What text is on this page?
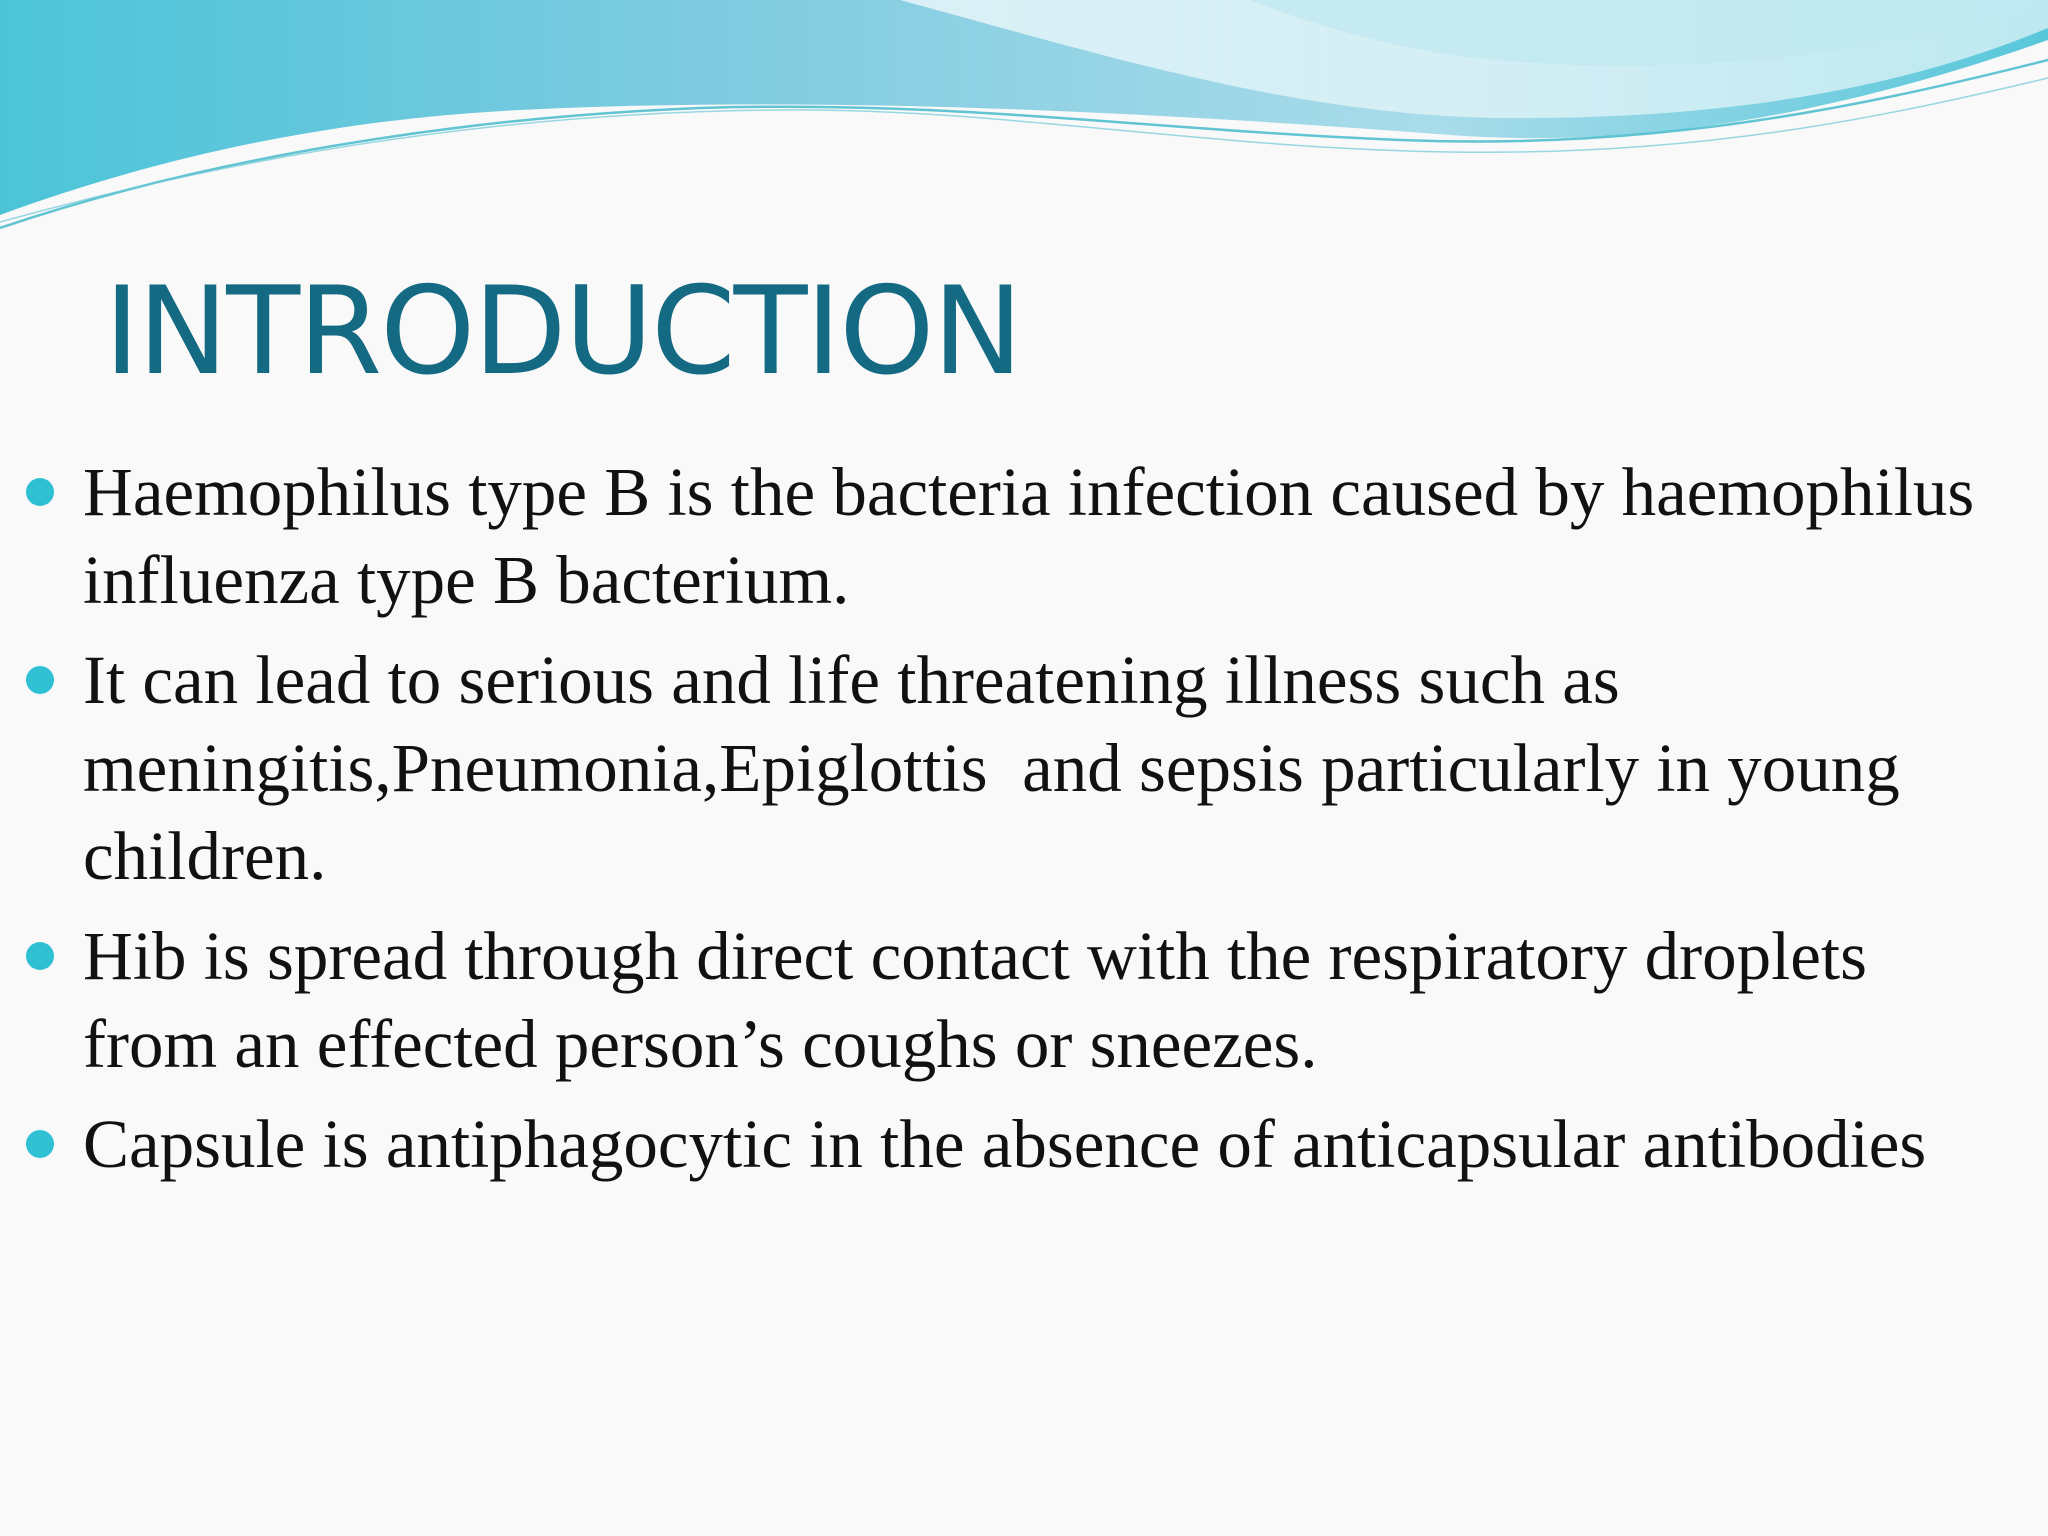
INTRODUCTION
Haemophilus type B is the bacteria infection caused by haemophilus influenza type B bacterium.
It can lead to serious and life threatening illness such as meningitis,Pneumonia,Epiglottis  and sepsis particularly in young children.
Hib is spread through direct contact with the respiratory droplets from an effected person’s coughs or sneezes.
Capsule is antiphagocytic in the absence of anticapsular antibodies
